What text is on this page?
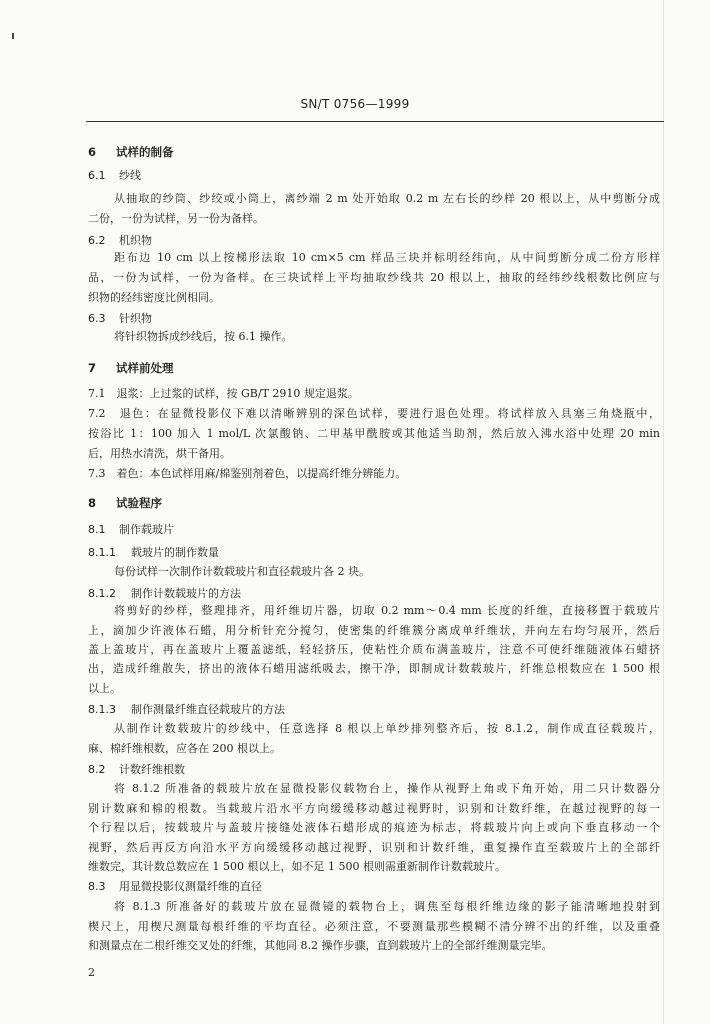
SN/T 0756—1999
6 试样的制备
6.1 纱线
从抽取的纱筒、纱绞或小筒上，离纱端 2 m 处开始取 0.2 m 左右长的纱样 20 根以上，从中剪断分成
二份，一份为试样，另一份为备样。
6.2 机织物
距布边 10 cm 以上按梯形法取 10 cm×5 cm 样品三块并标明经纬向，从中间剪断分成二份方形样
品，一份为试样，一份为备样。在三块试样上平均抽取纱线共 20 根以上，抽取的经纬纱线根数比例应与
织物的经纬密度比例相同。
6.3 针织物
将针织物拆成纱线后，按 6.1 操作。
7 试样前处理
7.1　退浆：上过浆的试样，按 GB/T 2910 规定退浆。
7.2　退色：在显微投影仪下难以清晰辨别的深色试样，要进行退色处理。将试样放入具塞三角烧瓶中，
按浴比 1：100 加入 1 mol/L 次氯酸钠、二甲基甲酰胺或其他适当助剂，然后放入沸水浴中处理 20 min
后，用热水清洗，烘干备用。
7.3　着色：本色试样用麻/棉鉴别剂着色，以提高纤维分辨能力。
8 试验程序
8.1 制作载玻片
8.1.1 载玻片的制作数量
每份试样一次制作计数载玻片和直径载玻片各 2 块。
8.1.2 制作计数载玻片的方法
将剪好的纱样，整理排齐，用纤维切片器，切取 0.2 mm～0.4 mm 长度的纤维，直接移置于载玻片
上，滴加少许液体石蜡，用分析针充分搅匀，使密集的纤维簇分离成单纤维状，并向左右均匀展开，然后
盖上盖玻片，再在盖玻片上覆盖滤纸，轻轻挤压，使粘性介质布满盖玻片，注意不可使纤维随液体石蜡挤
出，造成纤维散失，挤出的液体石蜡用滤纸吸去，擦干净，即制成计数载玻片，纤维总根数应在 1 500 根
以上。
8.1.3 制作测量纤维直径载玻片的方法
从制作计数载玻片的纱线中，任意选择 8 根以上单纱排列整齐后，按 8.1.2，制作成直径载玻片，
麻、棉纤维根数，应各在 200 根以上。
8.2 计数纤维根数
将 8.1.2 所准备的载玻片放在显微投影仪载物台上，操作从视野上角或下角开始，用二只计数器分
别计数麻和棉的根数。当载玻片沿水平方向缓缓移动越过视野时，识别和计数纤维，在越过视野的每一
个行程以后，按载玻片与盖玻片接缝处液体石蜡形成的痕迹为标志，将载玻片向上或向下垂直移动一个
视野，然后再反方向沿水平方向缓缓移动越过视野，识别和计数纤维，重复操作直至载玻片上的全部纤
维数完，其计数总数应在 1 500 根以上，如不足 1 500 根则需重新制作计数载玻片。
8.3 用显微投影仪测量纤维的直径
将 8.1.3 所准备好的载玻片放在显微镜的载物台上，调焦至每根纤维边缘的影子能清晰地投射到
楔尺上，用楔尺测量每根纤维的平均直径。必须注意，不要测量那些模糊不清分辨不出的纤维，以及重叠
和测量点在二根纤维交叉处的纤维，其他同 8.2 操作步骤，直到载玻片上的全部纤维测量完毕。
2
